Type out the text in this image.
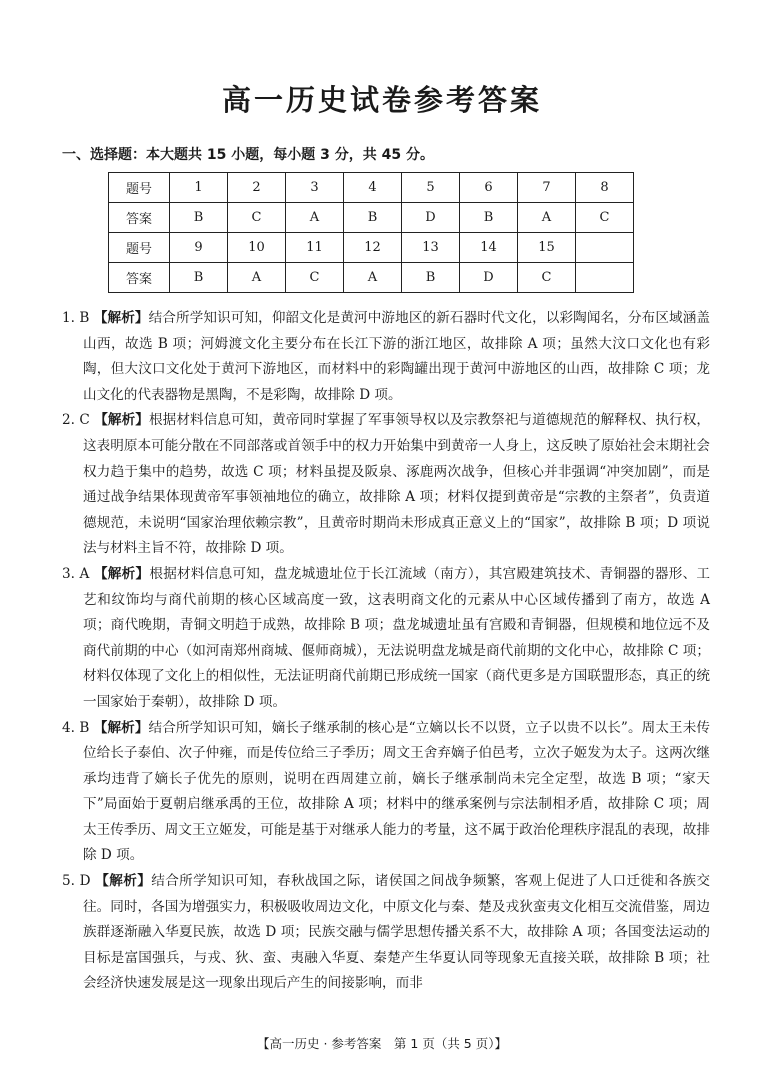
高一历史试卷参考答案
一、选择题：本大题共 15 小题，每小题 3 分，共 45 分。
题号	1	2	3	4	5	6	7	8
答案	B	C	A	B	D	B	A	C
题号	9	10	11	12	13	14	15	
答案	B	A	C	A	B	D	C	

1. B 【解析】结合所学知识可知，仰韶文化是黄河中游地区的新石器时代文化，以彩陶闻名，分布区域涵盖山西，故选 B 项；河姆渡文化主要分布在长江下游的浙江地区，故排除 A 项；虽然大汶口文化也有彩陶，但大汶口文化处于黄河下游地区，而材料中的彩陶罐出现于黄河中游地区的山西，故排除 C 项；龙山文化的代表器物是黑陶，不是彩陶，故排除 D 项。

2. C 【解析】根据材料信息可知，黄帝同时掌握了军事领导权以及宗教祭祀与道德规范的解释权、执行权，这表明原本可能分散在不同部落或首领手中的权力开始集中到黄帝一人身上，这反映了原始社会末期社会权力趋于集中的趋势，故选 C 项；材料虽提及阪泉、涿鹿两次战争，但核心并非强调“冲突加剧”，而是通过战争结果体现黄帝军事领袖地位的确立，故排除 A 项；材料仅提到黄帝是“宗教的主祭者”，负责道德规范，未说明“国家治理依赖宗教”，且黄帝时期尚未形成真正意义上的“国家”，故排除 B 项；D 项说法与材料主旨不符，故排除 D 项。

3. A 【解析】根据材料信息可知，盘龙城遗址位于长江流域（南方），其宫殿建筑技术、青铜器的器形、工艺和纹饰均与商代前期的核心区域高度一致，这表明商文化的元素从中心区域传播到了南方，故选 A 项；商代晚期，青铜文明趋于成熟，故排除 B 项；盘龙城遗址虽有宫殿和青铜器，但规模和地位远不及商代前期的中心（如河南郑州商城、偃师商城），无法说明盘龙城是商代前期的文化中心，故排除 C 项；材料仅体现了文化上的相似性，无法证明商代前期已形成统一国家（商代更多是方国联盟形态，真正的统一国家始于秦朝），故排除 D 项。

4. B 【解析】结合所学知识可知，嫡长子继承制的核心是“立嫡以长不以贤，立子以贵不以长”。周太王未传位给长子泰伯、次子仲雍，而是传位给三子季历；周文王舍弃嫡子伯邑考，立次子姬发为太子。这两次继承均违背了嫡长子优先的原则，说明在西周建立前，嫡长子继承制尚未完全定型，故选 B 项；“家天下”局面始于夏朝启继承禹的王位，故排除 A 项；材料中的继承案例与宗法制相矛盾，故排除 C 项；周太王传季历、周文王立姬发，可能是基于对继承人能力的考量，这不属于政治伦理秩序混乱的表现，故排除 D 项。

5. D 【解析】结合所学知识可知，春秋战国之际，诸侯国之间战争频繁，客观上促进了人口迁徙和各族交往。同时，各国为增强实力，积极吸收周边文化，中原文化与秦、楚及戎狄蛮夷文化相互交流借鉴，周边族群逐渐融入华夏民族，故选 D 项；民族交融与儒学思想传播关系不大，故排除 A 项；各国变法运动的目标是富国强兵，与戎、狄、蛮、夷融入华夏、秦楚产生华夏认同等现象无直接关联，故排除 B 项；社会经济快速发展是这一现象出现后产生的间接影响，而非

【高一历史 · 参考答案　第 1 页（共 5 页）】
